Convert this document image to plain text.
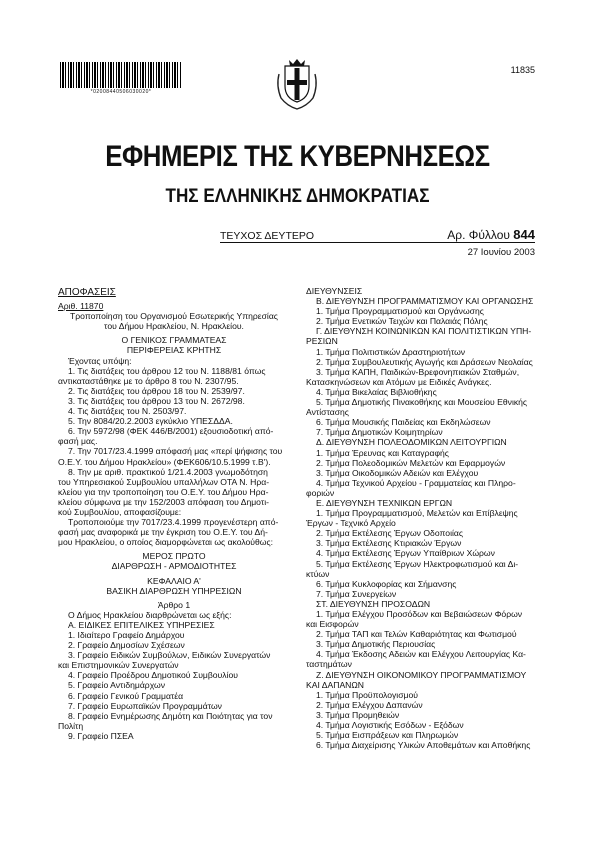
*02008440506030020*
11835
ΕΦΗΜΕΡΙΣ ΤΗΣ ΚΥΒΕΡΝΗΣΕΩΣ
ΤΗΣ ΕΛΛΗΝΙΚΗΣ ΔΗΜΟΚΡΑΤΙΑΣ
ΤΕΥΧΟΣ ΔΕΥΤΕΡΟ	Αρ. Φύλλου 844
27 Ιουνίου 2003

ΑΠΟΦΑΣΕΙΣ

Αριθ. 11870

Τροποποίηση του Οργανισμού Εσωτερικής Υπηρεσίας

του Δήμου Ηρακλείου, Ν. Ηρακλείου.

Ο ΓΕΝΙΚΟΣ ΓΡΑΜΜΑΤΕΑΣ

ΠΕΡΙΦΕΡΕΙΑΣ ΚΡΗΤΗΣ

Έχοντας υπόψη:

1. Τις διατάξεις του άρθρου 12 του Ν. 1188/81 όπως

αντικαταστάθηκε με το άρθρο 8 του Ν. 2307/95.

2. Τις διατάξεις του άρθρου 18 του Ν. 2539/97.

3. Τις διατάξεις του άρθρου 13 του Ν. 2672/98.

4. Τις διατάξεις του Ν. 2503/97.

5. Την 8084/20.2.2003 εγκύκλιο ΥΠΕΣΔΔΑ.

6. Την 5972/98 (ΦΕΚ 446/Β/2001) εξουσιοδοτική από-

φασή μας.

7. Την 7017/23.4.1999 απόφασή μας «περί ψήφισης του

Ο.Ε.Υ. του Δήμου Ηρακλείου» (ΦΕΚ606/10.5.1999 τ.Β').

8. Την με αριθ. πρακτικού 1/21.4.2003 γνωμοδότηση

του Υπηρεσιακού Συμβουλίου υπαλλήλων ΟΤΑ Ν. Ηρα-

κλείου για την τροποποίηση του Ο.Ε.Υ. του Δήμου Ηρα-

κλείου σύμφωνα με την 152/2003 απόφαση του Δημοτι-

κού Συμβουλίου, αποφασίζουμε:

Τροποποιούμε την 7017/23.4.1999 προγενέστερη από-

φασή μας αναφορικά με την έγκριση του Ο.Ε.Υ. του Δή-

μου Ηρακλείου, ο οποίος διαμορφώνεται ως ακολούθως:

ΜΕΡΟΣ ΠΡΩΤΟ

ΔΙΑΡΘΡΩΣΗ - ΑΡΜΟΔΙΟΤΗΤΕΣ

ΚΕΦΑΛΑΙΟ Α'

ΒΑΣΙΚΗ ΔΙΑΡΘΡΩΣΗ ΥΠΗΡΕΣΙΩΝ

Άρθρο 1

Ο Δήμος Ηρακλείου διαρθρώνεται ως εξής:

Α. ΕΙΔΙΚΕΣ ΕΠΙΤΕΛΙΚΕΣ ΥΠΗΡΕΣΙΕΣ

1. Ιδιαίτερο Γραφείο Δημάρχου

2. Γραφείο Δημοσίων Σχέσεων

3. Γραφείο Ειδικών Συμβούλων, Ειδικών Συνεργατών

και Επιστημονικών Συνεργατών

4. Γραφείο Προέδρου Δημοτικού Συμβουλίου

5. Γραφείο Αντιδημάρχων

6. Γραφείο Γενικού Γραμματέα

7. Γραφείο Ευρωπαϊκών Προγραμμάτων

8. Γραφείο Ενημέρωσης Δημότη και Ποιότητας για τον

Πολίτη

9. Γραφείο ΠΣΕΑ

ΔΙΕΥΘΥΝΣΕΙΣ

Β. ΔΙΕΥΘΥΝΣΗ ΠΡΟΓΡΑΜΜΑΤΙΣΜΟΥ ΚΑΙ ΟΡΓΑΝΩΣΗΣ

1. Τμήμα Προγραμματισμού και Οργάνωσης

2. Τμήμα Ενετικών Τειχών και Παλαιάς Πόλης

Γ. ΔΙΕΥΘΥΝΣΗ ΚΟΙΝΩΝΙΚΩΝ ΚΑΙ ΠΟΛΙΤΙΣΤΙΚΩΝ ΥΠΗ-

ΡΕΣΙΩΝ

1. Τμήμα Πολιτιστικών Δραστηριοτήτων

2. Τμήμα Συμβουλευτικής Αγωγής και Δράσεων Νεολαίας

3. Τμήμα ΚΑΠΗ, Παιδικών-Βρεφονηπιακών Σταθμών,

Κατασκηνώσεων και Ατόμων με Ειδικές Ανάγκες.

4. Τμήμα Βικελαίας Βιβλιοθήκης

5. Τμήμα Δημοτικής Πινακοθήκης και Μουσείου Εθνικής

Αντίστασης

6. Τμήμα Μουσικής Παιδείας και Εκδηλώσεων

7. Τμήμα Δημοτικών Κοιμητηρίων

Δ. ΔΙΕΥΘΥΝΣΗ ΠΟΛΕΟΔΟΜΙΚΩΝ ΛΕΙΤΟΥΡΓΙΩΝ

1. Τμήμα Έρευνας και Καταγραφής

2. Τμήμα Πολεοδομικών Μελετών και Εφαρμογών

3. Τμήμα Οικοδομικών Αδειών και Ελέγχου

4. Τμήμα Τεχνικού Αρχείου - Γραμματείας και Πληρο-

φοριών

Ε. ΔΙΕΥΘΥΝΣΗ ΤΕΧΝΙΚΩΝ ΕΡΓΩΝ

1. Τμήμα Προγραμματισμού, Μελετών και Επίβλεψης

Έργων - Τεχνικό Αρχείο

2. Τμήμα Εκτέλεσης Έργων Οδοποιίας

3. Τμήμα Εκτέλεσης Κτιριακών Έργων

4. Τμήμα Εκτέλεσης Έργων Υπαίθριων Χώρων

5. Τμήμα Εκτέλεσης Έργων Ηλεκτροφωτισμού και Δι-

κτύων

6. Τμήμα Κυκλοφορίας και Σήμανσης

7. Τμήμα Συνεργείων

ΣΤ. ΔΙΕΥΘΥΝΣΗ ΠΡΟΣΟΔΩΝ

1. Τμήμα Ελέγχου Προσόδων και Βεβαιώσεων Φόρων

και Εισφορών

2. Τμήμα ΤΑΠ και Τελών Καθαριότητας και Φωτισμού

3. Τμήμα Δημοτικής Περιουσίας

4. Τμήμα Έκδοσης Αδειών και Ελέγχου Λειτουργίας Κα-

ταστημάτων

Ζ. ΔΙΕΥΘΥΝΣΗ ΟΙΚΟΝΟΜΙΚΟΥ ΠΡΟΓΡΑΜΜΑΤΙΣΜΟΥ

ΚΑΙ ΔΑΠΑΝΩΝ

1. Τμήμα Προϋπολογισμού

2. Τμήμα Ελέγχου Δαπανών

3. Τμήμα Προμηθειών

4. Τμήμα Λογιστικής Εσόδων - Εξόδων

5. Τμήμα Εισπράξεων και Πληρωμών

6. Τμήμα Διαχείρισης Υλικών Αποθεμάτων και Αποθήκης
